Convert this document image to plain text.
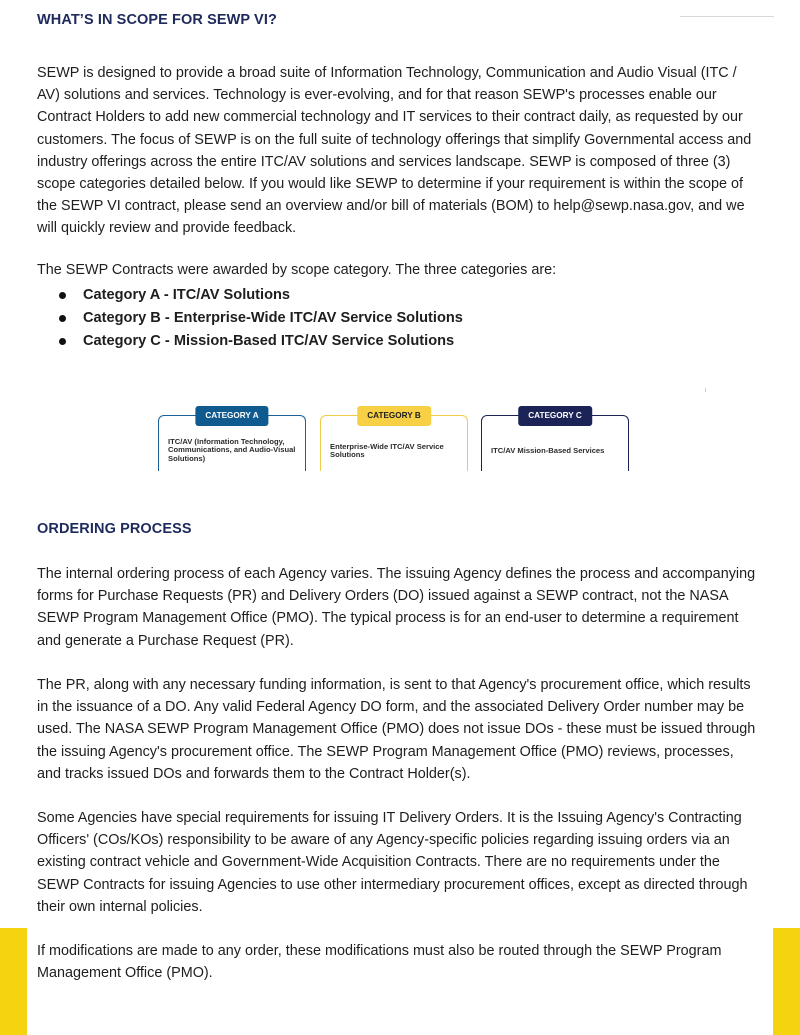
WHAT’S IN SCOPE FOR SEWP VI?

SEWP is designed to provide a broad suite of Information Technology, Communication and Audio Visual (ITC / AV) solutions and services. Technology is ever-evolving, and for that reason SEWP's processes enable our Contract Holders to add new commercial technology and IT services to their contract daily, as requested by our customers. The focus of SEWP is on the full suite of technology offerings that simplify Governmental access and industry offerings across the entire ITC/AV solutions and services landscape. SEWP is composed of three (3) scope categories detailed below. If you would like SEWP to determine if your requirement is within the scope of the SEWP VI contract, please send an overview and/or bill of materials (BOM) to help@sewp.nasa.gov, and we will quickly review and provide feedback.

The SEWP Contracts were awarded by scope category. The three categories are:

Category A - ITC/AV Solutions
Category B - Enterprise-Wide ITC/AV Service Solutions
Category C - Mission-Based ITC/AV Service Solutions
CATEGORY A
ITC/AV (Information Technology, Communications, and Audio-Visual Solutions)
CATEGORY B
Enterprise-Wide ITC/AV Service Solutions
CATEGORY C
ITC/AV Mission-Based Services
ORDERING PROCESS

The internal ordering process of each Agency varies. The issuing Agency defines the process and accompanying forms for Purchase Requests (PR) and Delivery Orders (DO) issued against a SEWP contract, not the NASA SEWP Program Management Office (PMO). The typical process is for an end-user to determine a requirement and generate a Purchase Request (PR).

The PR, along with any necessary funding information, is sent to that Agency's procurement office, which results in the issuance of a DO. Any valid Federal Agency DO form, and the associated Delivery Order number may be used. The NASA SEWP Program Management Office (PMO) does not issue DOs - these must be issued through the issuing Agency's procurement office. The SEWP Program Management Office (PMO) reviews, processes, and tracks issued DOs and forwards them to the Contract Holder(s).

Some Agencies have special requirements for issuing IT Delivery Orders. It is the Issuing Agency's Contracting Officers' (COs/KOs) responsibility to be aware of any Agency-specific policies regarding issuing orders via an existing contract vehicle and Government-Wide Acquisition Contracts. There are no requirements under the SEWP Contracts for issuing Agencies to use other intermediary procurement offices, except as directed through their own internal policies.

If modifications are made to any order, these modifications must also be routed through the SEWP Program Management Office (PMO).
